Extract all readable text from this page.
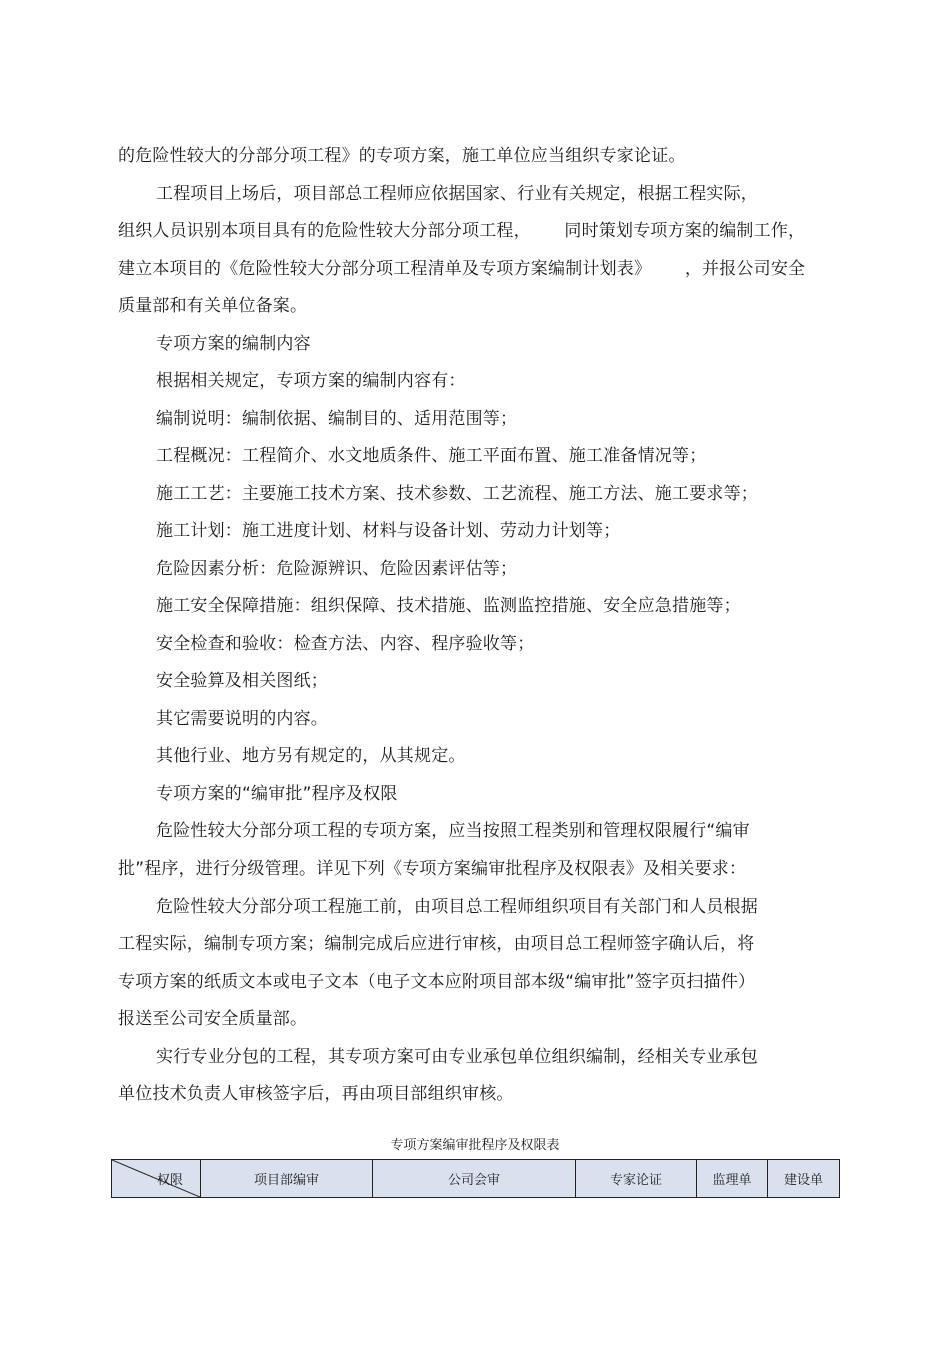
的危险性较大的分部分项工程》的专项方案，施工单位应当组织专家论证。
工程项目上场后，项目部总工程师应依据国家、行业有关规定，根据工程实际，
组织人员识别本项目具有的危险性较大分部分项工程，      同时策划专项方案的编制工作，
建立本项目的《危险性较大分部分项工程清单及专项方案编制计划表》      ，并报公司安全
质量部和有关单位备案。
专项方案的编制内容
根据相关规定，专项方案的编制内容有：
编制说明：编制依据、编制目的、适用范围等；
工程概况：工程简介、水文地质条件、施工平面布置、施工准备情况等；
施工工艺：主要施工技术方案、技术参数、工艺流程、施工方法、施工要求等；
施工计划：施工进度计划、材料与设备计划、劳动力计划等；
危险因素分析：危险源辨识、危险因素评估等；
施工安全保障措施：组织保障、技术措施、监测监控措施、安全应急措施等；
安全检查和验收：检查方法、内容、程序验收等；
安全验算及相关图纸；
其它需要说明的内容。
其他行业、地方另有规定的，从其规定。
专项方案的“编审批”程序及权限
危险性较大分部分项工程的专项方案，应当按照工程类别和管理权限履行“编审
批”程序，进行分级管理。详见下列《专项方案编审批程序及权限表》及相关要求：
危险性较大分部分项工程施工前，由项目总工程师组织项目有关部门和人员根据
工程实际，编制专项方案；编制完成后应进行审核，由项目总工程师签字确认后，将
专项方案的纸质文本或电子文本（电子文本应附项目部本级“编审批”签字页扫描件）
报送至公司安全质量部。
实行专业分包的工程，其专项方案可由专业承包单位组织编制，经相关专业承包
单位技术负责人审核签字后，再由项目部组织审核。
专项方案编审批程序及权限表
权限	项目部编审	公司会审	专家论证	监理单	建设单
